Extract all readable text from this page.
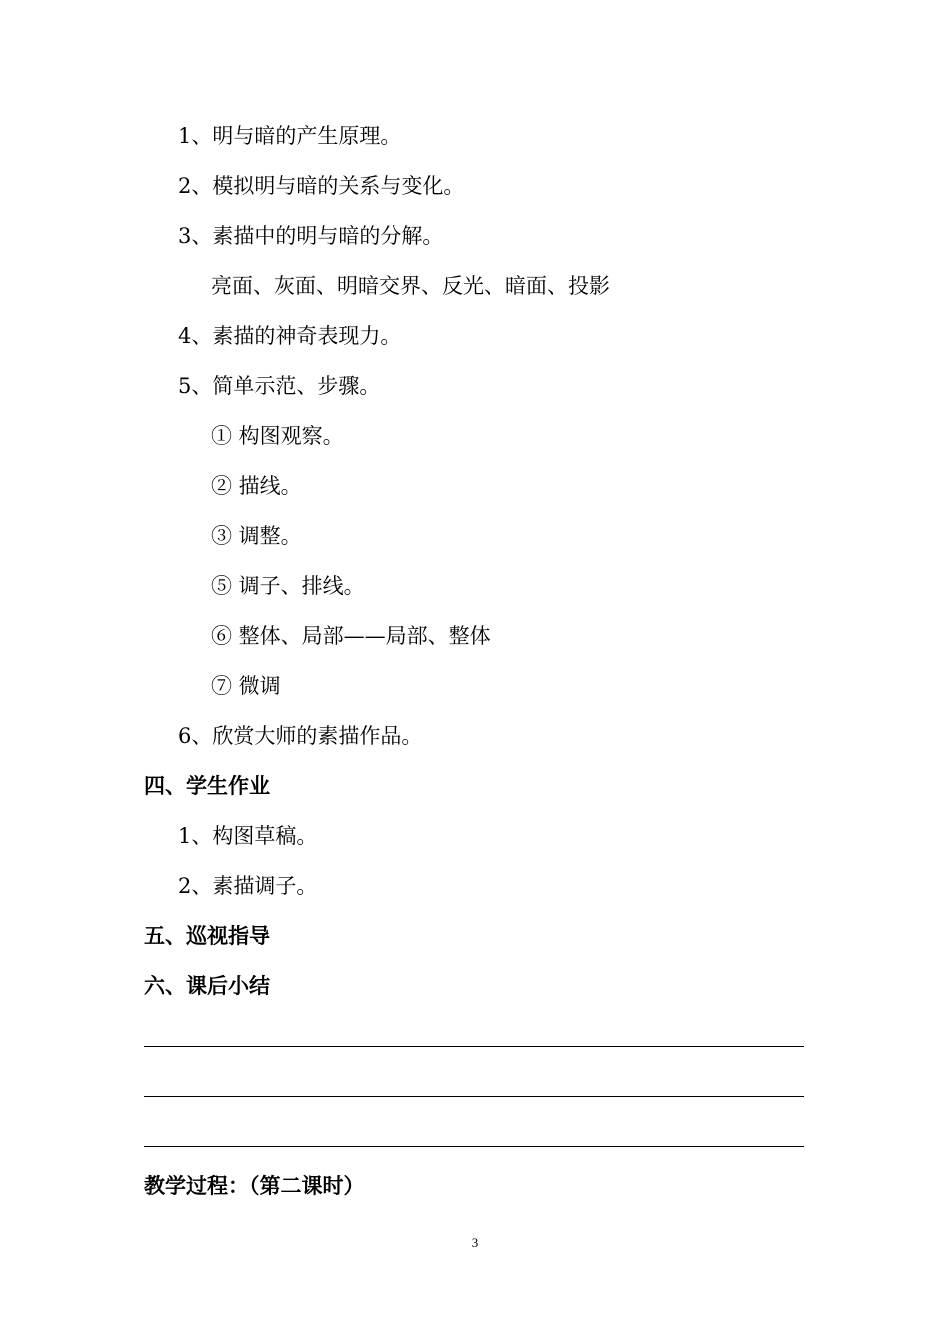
1、明与暗的产生原理。
2、模拟明与暗的关系与变化。
3、素描中的明与暗的分解。
亮面、灰面、明暗交界、反光、暗面、投影
4、素描的神奇表现力。
5、简单示范、步骤。
① 构图观察。
② 描线。
③ 调整。
⑤ 调子、排线。
⑥ 整体、局部——局部、整体
⑦ 微调
6、欣赏大师的素描作品。
四、学生作业
1、构图草稿。
2、素描调子。
五、巡视指导
六、课后小结
教学过程：（第二课时）
3
